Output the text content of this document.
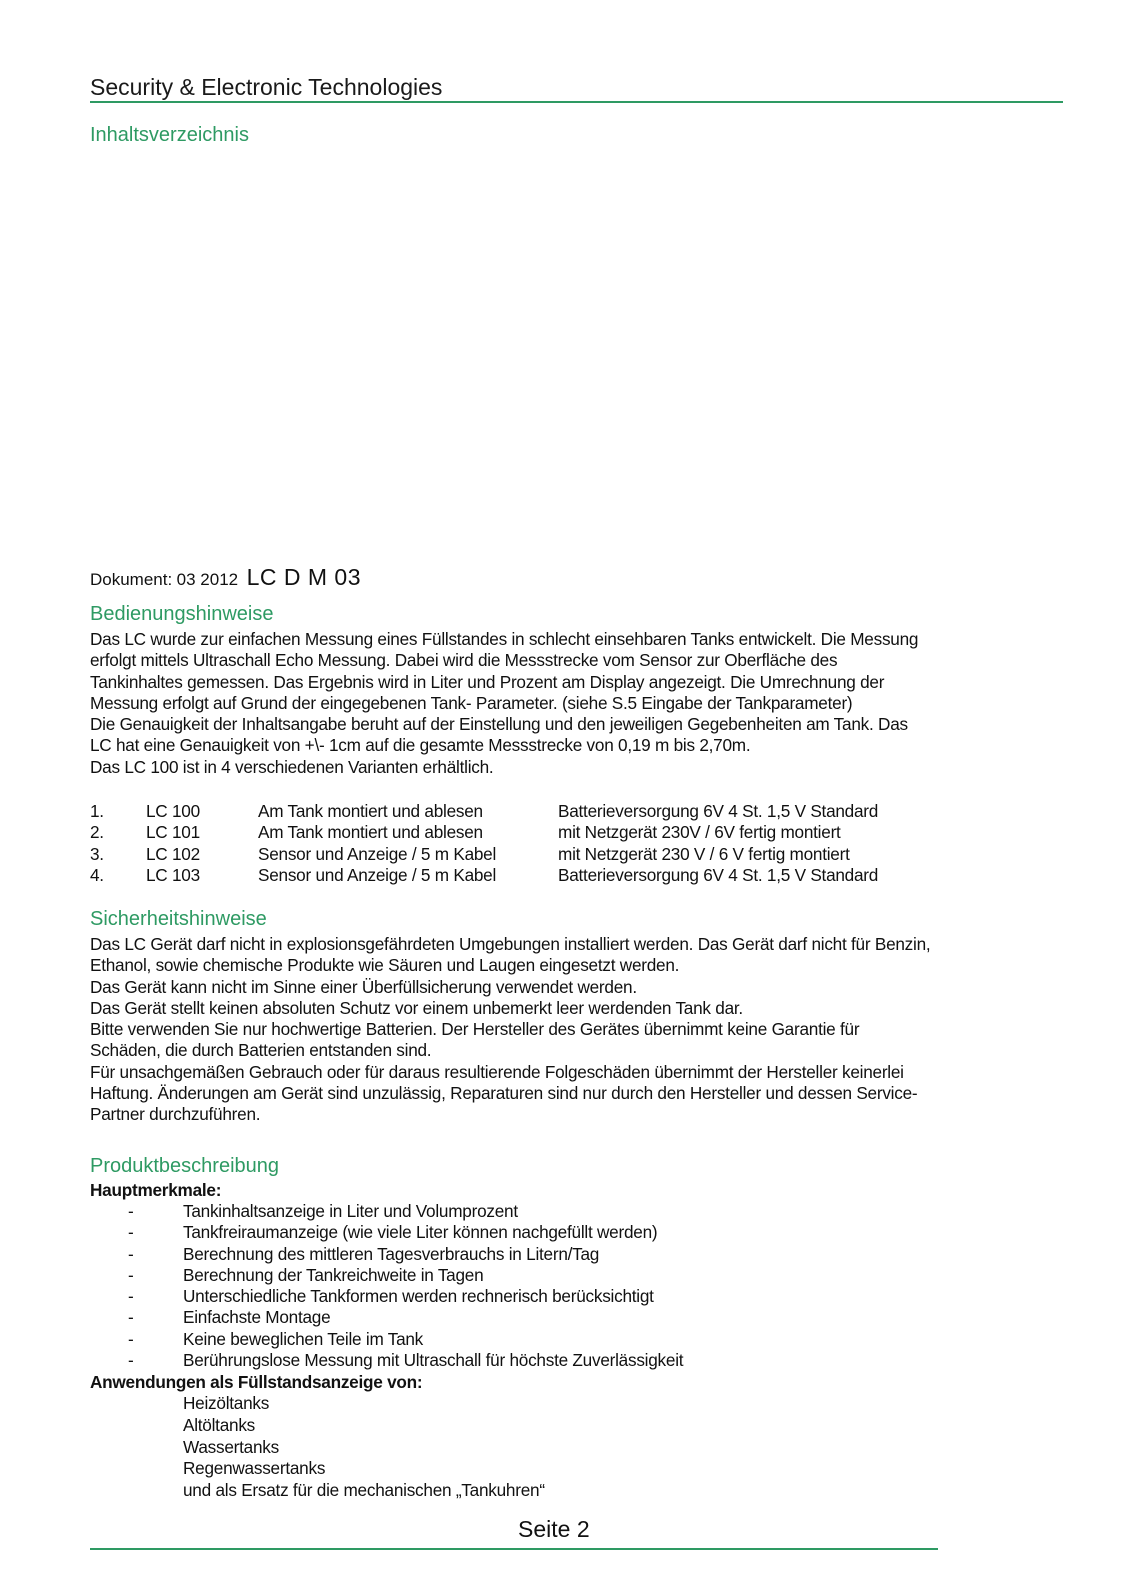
Security & Electronic Technologies
Inhaltsverzeichnis
Dokument: 03 2012 LC D M 03
Bedienungshinweise
Das LC wurde zur einfachen Messung eines Füllstandes in schlecht einsehbaren Tanks entwickelt. Die Messung
erfolgt mittels Ultraschall Echo Messung. Dabei wird die Messstrecke vom Sensor zur Oberfläche des
Tankinhaltes gemessen. Das Ergebnis wird in Liter und Prozent am Display angezeigt. Die Umrechnung der
Messung erfolgt auf Grund der eingegebenen Tank- Parameter. (siehe S.5 Eingabe der Tankparameter)
Die Genauigkeit der Inhaltsangabe beruht auf der Einstellung und den jeweiligen Gegebenheiten am Tank. Das
LC hat eine Genauigkeit von +\- 1cm auf die gesamte Messstrecke von 0,19 m bis 2,70m.
Das LC 100 ist in 4 verschiedenen Varianten erhältlich.
1. LC 100	Am Tank montiert und ablesen	Batterieversorgung 6V 4 St. 1,5 V Standard
2. LC 101	Am Tank montiert und ablesen	mit Netzgerät 230V / 6V fertig montiert
3. LC 102	Sensor und Anzeige / 5 m Kabel	mit Netzgerät 230 V / 6 V fertig montiert
4. LC 103	Sensor und Anzeige / 5 m Kabel	Batterieversorgung 6V 4 St. 1,5 V Standard
Sicherheitshinweise
Das LC Gerät darf nicht in explosionsgefährdeten Umgebungen installiert werden. Das Gerät darf nicht für Benzin,
Ethanol, sowie chemische Produkte wie Säuren und Laugen eingesetzt werden.
Das Gerät kann nicht im Sinne einer Überfüllsicherung verwendet werden.
Das Gerät stellt keinen absoluten Schutz vor einem unbemerkt leer werdenden Tank dar.
Bitte verwenden Sie nur hochwertige Batterien. Der Hersteller des Gerätes übernimmt keine Garantie für
Schäden, die durch Batterien entstanden sind.
Für unsachgemäßen Gebrauch oder für daraus resultierende Folgeschäden übernimmt der Hersteller keinerlei
Haftung. Änderungen am Gerät sind unzulässig, Reparaturen sind nur durch den Hersteller und dessen Service-
Partner durchzuführen.
Produktbeschreibung
Hauptmerkmale:
-	Tankinhaltsanzeige in Liter und Volumprozent
-	Tankfreiraumanzeige (wie viele Liter können nachgefüllt werden)
-	Berechnung des mittleren Tagesverbrauchs in Litern/Tag
-	Berechnung der Tankreichweite in Tagen
-	Unterschiedliche Tankformen werden rechnerisch berücksichtigt
-	Einfachste Montage
-	Keine beweglichen Teile im Tank
-	Berührungslose Messung mit Ultraschall für höchste Zuverlässigkeit
Anwendungen als Füllstandsanzeige von:
Heizöltanks
Altöltanks
Wassertanks
Regenwassertanks
und als Ersatz für die mechanischen „Tankuhren“
Seite 2
